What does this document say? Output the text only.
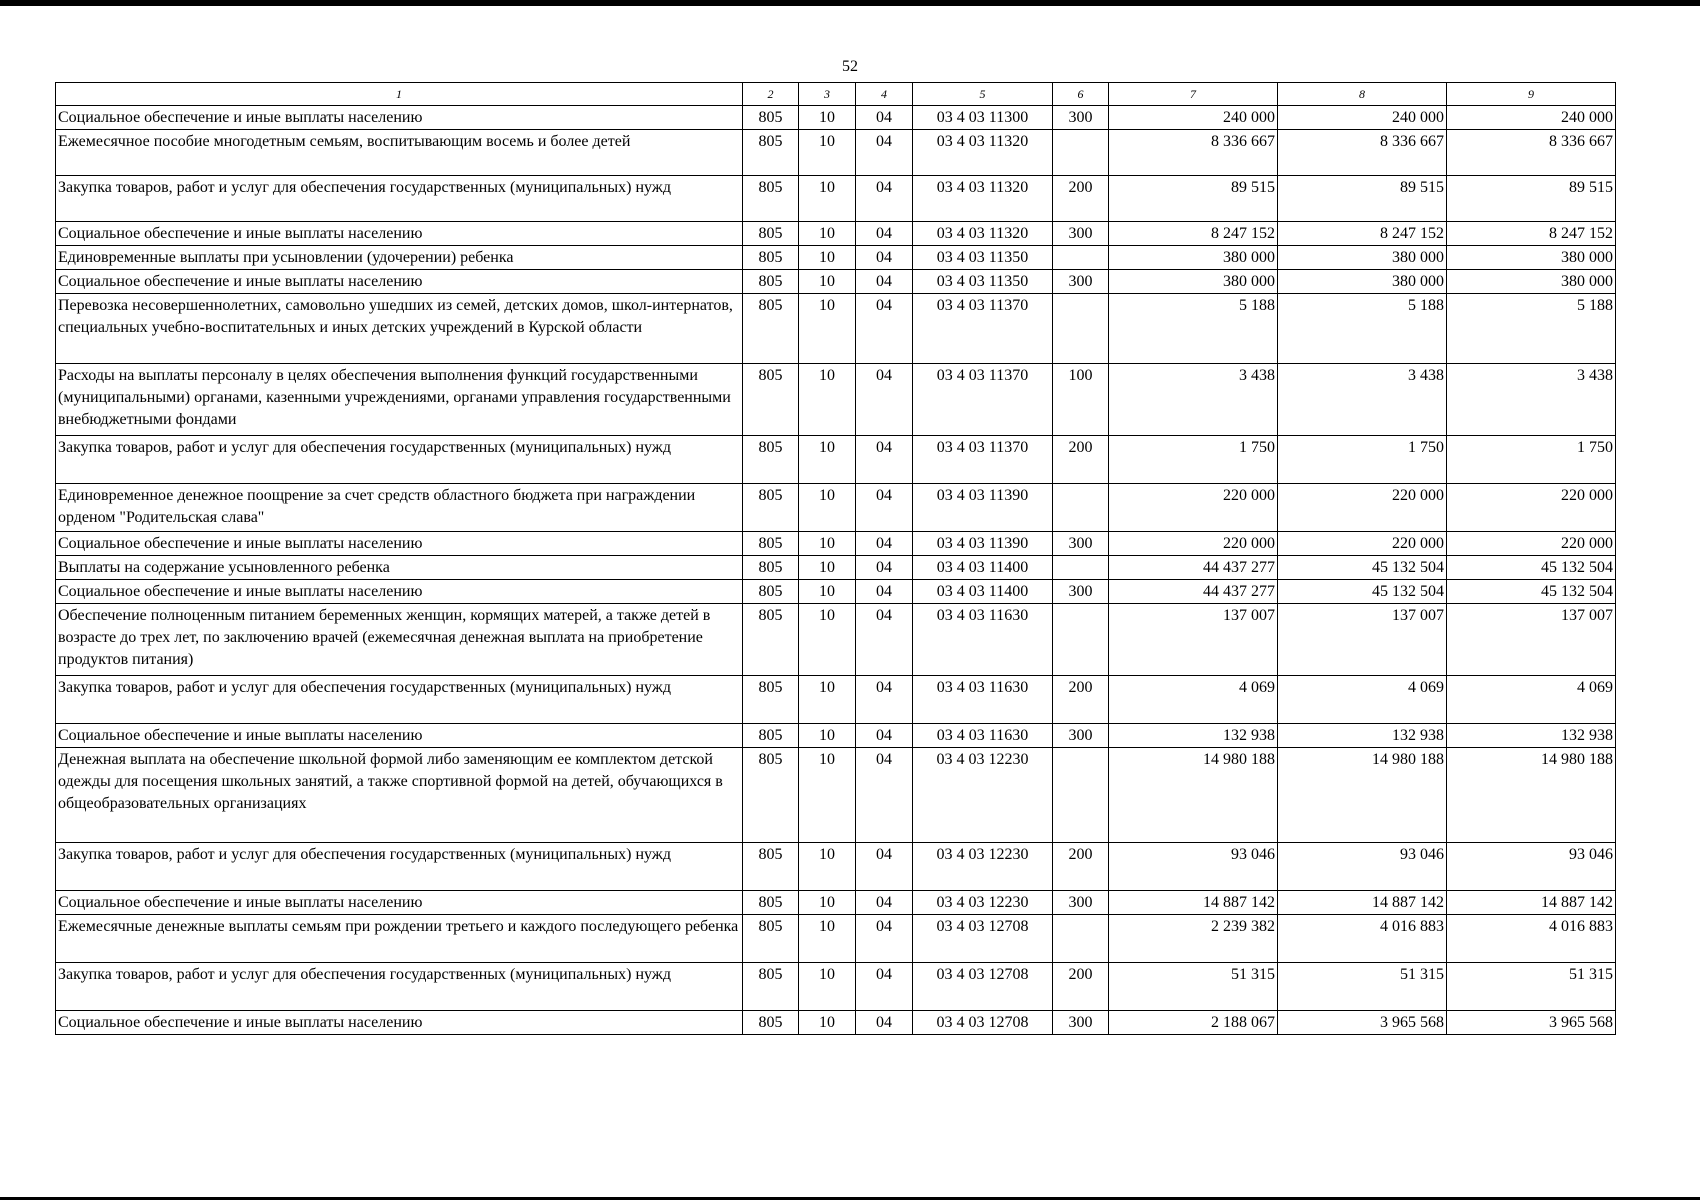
52
1	2	3	4	5	6	7	8	9
Социальное обеспечение и иные выплаты населению	805	10	04	03 4 03 11300	300	240 000	240 000	240 000
Ежемесячное пособие многодетным семьям, воспитывающим восемь и более детей	805	10	04	03 4 03 11320		8 336 667	8 336 667	8 336 667
Закупка товаров, работ и услуг для обеспечения государственных (муниципальных) нужд	805	10	04	03 4 03 11320	200	89 515	89 515	89 515
Социальное обеспечение и иные выплаты населению	805	10	04	03 4 03 11320	300	8 247 152	8 247 152	8 247 152
Единовременные выплаты при усыновлении (удочерении) ребенка	805	10	04	03 4 03 11350		380 000	380 000	380 000
Социальное обеспечение и иные выплаты населению	805	10	04	03 4 03 11350	300	380 000	380 000	380 000
Перевозка несовершеннолетних, самовольно ушедших из семей, детских домов, школ-интернатов, специальных учебно-воспитательных и иных детских учреждений в Курской области	805	10	04	03 4 03 11370		5 188	5 188	5 188
Расходы на выплаты персоналу в целях обеспечения выполнения функций государственными (муниципальными) органами, казенными учреждениями, органами управления государственными внебюджетными фондами	805	10	04	03 4 03 11370	100	3 438	3 438	3 438
Закупка товаров, работ и услуг для обеспечения государственных (муниципальных) нужд	805	10	04	03 4 03 11370	200	1 750	1 750	1 750
Единовременное денежное поощрение за счет средств областного бюджета при награждении орденом "Родительская слава"	805	10	04	03 4 03 11390		220 000	220 000	220 000
Социальное обеспечение и иные выплаты населению	805	10	04	03 4 03 11390	300	220 000	220 000	220 000
Выплаты на содержание усыновленного ребенка	805	10	04	03 4 03 11400		44 437 277	45 132 504	45 132 504
Социальное обеспечение и иные выплаты населению	805	10	04	03 4 03 11400	300	44 437 277	45 132 504	45 132 504
Обеспечение полноценным питанием беременных женщин, кормящих матерей, а также детей в возрасте до трех лет, по заключению врачей (ежемесячная денежная выплата на приобретение продуктов питания)	805	10	04	03 4 03 11630		137 007	137 007	137 007
Закупка товаров, работ и услуг для обеспечения государственных (муниципальных) нужд	805	10	04	03 4 03 11630	200	4 069	4 069	4 069
Социальное обеспечение и иные выплаты населению	805	10	04	03 4 03 11630	300	132 938	132 938	132 938
Денежная выплата на обеспечение школьной формой либо заменяющим ее комплектом детской одежды для посещения школьных занятий, а также спортивной формой на детей, обучающихся в общеобразовательных организациях	805	10	04	03 4 03 12230		14 980 188	14 980 188	14 980 188
Закупка товаров, работ и услуг для обеспечения государственных (муниципальных) нужд	805	10	04	03 4 03 12230	200	93 046	93 046	93 046
Социальное обеспечение и иные выплаты населению	805	10	04	03 4 03 12230	300	14 887 142	14 887 142	14 887 142
Ежемесячные денежные выплаты семьям при рождении третьего и каждого последующего ребенка	805	10	04	03 4 03 12708		2 239 382	4 016 883	4 016 883
Закупка товаров, работ и услуг для обеспечения государственных (муниципальных) нужд	805	10	04	03 4 03 12708	200	51 315	51 315	51 315
Социальное обеспечение и иные выплаты населению	805	10	04	03 4 03 12708	300	2 188 067	3 965 568	3 965 568
